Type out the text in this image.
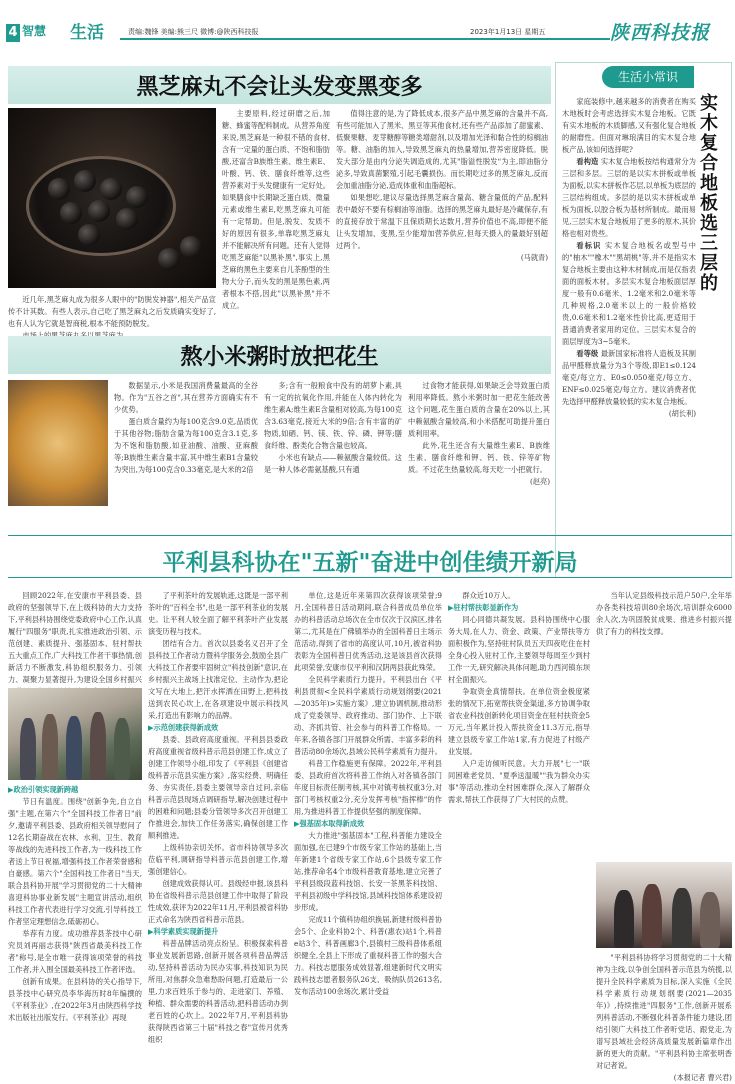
4 智慧 生活	责编:魏锋 美编:熊三尺 微博:@陕西科技报	2023年1月13日 星期五	陕西科技报
黑芝麻丸不会让头发变黑变多

近几年,黑芝麻丸成为很多人眼中的"防脱发神器",相关产品宣传不计其数。有些人表示,自己吃了黑芝麻丸之后发质确实变好了,也有人认为它就是智商税,根本不能预防脱发。

主要原料,经过研磨之后,加糖、蜂蜜等配料制成。从营养角度来说,黑芝麻是一种很不错的食材,含有一定量的蛋白质、不饱和脂肪酸,还富含B族维生素、维生素E、叶酸、钙、铁、膳食纤维等,这些营养素对于头发健康有一定好处。如果膳食中长期缺乏蛋白质、微量元素或维生素E,吃黑芝麻丸可能有一定帮助。但是,脱发、发质不好的原因有很多,单靠吃黑芝麻丸并不能解决所有问题。还有人觉得吃黑芝麻能"以黑补黑",事实上,黑芝麻的黑色主要来自儿茶酚型的生物大分子,而头发的黑是黑色素,两者根本不搭,因此"以黑补黑"并不成立。

值得注意的是,为了降低成本,很多产品中黑芝麻的含量并不高,有些可能加入了黑米、黑豆等其他食材,还有些产品添加了甜蜜素、低聚果糖、麦芽糖醇等糖类增甜剂,以及增加光泽和黏合性的棕榈油等。糖、油脂的加入,导致黑芝麻丸的热量增加,营养密度降低。脱发大部分是由内分泌失调造成的,尤其"脂溢性脱发"为主,即油脂分泌多,导致真菌繁殖,引起毛囊损伤。而长期吃过多的黑芝麻丸,反而会加重油脂分泌,造成体重和血脂超标。

如果想吃,建议尽量选择黑芝麻含量高、糖含量低的产品,配料表中最好不要有棕榈油等油脂。选择的黑芝麻丸最好是冷藏保存,有的直接存放于常温下且保质期长达数月,营养价值也不高,即便不能让头发增加、变黑,至少能增加营养供应,但每天摄入的量最好别超过两个。

(马就青)

生活小常识
实木复合地板选三层的

家庭装修中,越来越多的消费者在购买木地板时会考虑选择实木复合地板。它既有实木地板的木质脚感,又有强化复合地板的耐磨性。但面对琳琅满目的实木复合地板产品,该如何选择呢?

看构造 实木复合地板按结构通常分为三层和多层。三层的是以实木拼板或单板为面板,以实木拼板作芯层,以单板为底层的三层结构组成。多层的是以实木拼板或单板为面板,以胶合板为基材所制成。最而易见,三层实木复合地板用了更多的原木,其价格也相对贵些。

看标识 实木复合地板名或型号中的"柚木""橡木""黑胡桃"等,并不是指实木复合地板主要由这种木材制成,而是仅指表面的面板木材。多层实木复合地板面层厚度一般有0.6毫米、1.2毫米和2.0毫米等几种规格,2.0毫米以上的一般价格较贵,0.6毫米和1.2毫米性价比高,更适用于普通消费者家用的定位。三层实木复合的面层厚度为3~5毫米。

看等级 最新国家标准将人造板及其制品甲醛释放量分为3个等级,即E1≤0.124毫克/每立方、E0≤0.050毫克/每立方、ENF≤0.025毫克/每立方。建议消费者优先选择甲醛释放量较低的实木复合地板。

(胡长利)

熬小米粥时放把花生

数据显示,小米是我国消费量最高的全谷物。作为"五谷之首",其在营养方面确实有不少优势。

蛋白质含量约为每100克含9.0克,品质优于其他谷物;脂肪含量为每100克含3.1克,多为不饱和脂肪酸,如亚油酸、油酸、亚麻酸等;B族维生素含量丰富,其中维生素B1含量较为突出,为每100克含0.33毫克,是大米的2倍

多;含有一般粮食中没有的胡萝卜素,具有一定的抗氧化作用,并能在人体内转化为维生素A;维生素E含量相对较高,为每100克含3.63毫克,接近大米的9倍;含有丰富的矿物质,如硒、钙、镁、铁、锌、磷、钾等;膳食纤维、酚类化合物含量也较高。

小米也有缺点——赖氨酸含量较低。这是一种人体必需氨基酸,只有通

过食物才能获得,如果缺乏会导致蛋白质利用率降低。熬小米粥时加一把花生能改善这个问题,花生蛋白质的含量在20%以上,其中赖氨酸含量较高,和小米搭配可助提升蛋白质利用率。

此外,花生还含有大量维生素E、B族维生素、膳食纤维和钾、钙、铁、锌等矿物质。不过花生热量较高,每天吃一小把就行。

(赵亮)

平利县科协在"五新"奋进中创佳绩开新局

回顾2022年,在安康市平利县委、县政府的坚强领导下,在上级科协的大力支持下,平利县科协围绕党委政府中心工作,认真履行"四服务"职责,扎实推进政治引领、示范创建、素质提升、强基固本、驻村帮扶五大重点工作,广大科技工作者干事热情,创新活力不断激发,科协组织服务力、引领力、凝聚力显著提升,为建设全国乡村振兴

▶政治引领实现新跨越

节日有温度。围绕"创新争先,自立自强"主题,在第六个"全国科技工作者日"前夕,邀请平利县委、县政府相关领导慰问了12名长期奋战在农林、水利、卫生、教育等战线的先进科技工作者,为一线科技工作者送上节日祝福,增强科技工作者荣誉感和自豪感。第六个"全国科技工作者日"当天,联合县科协开展"学习贯彻党的二十大精神 喜迎科协事业新发展"主题宣讲活动,组织科技工作者代表进行学习交流,引导科技工作者坚定理想信念,砥砺初心。

举荐有力度。成功推荐县茶技中心研究员刘再丽志获得"陕西省最美科技工作者"称号,是全市唯一获得该项荣誉的科技工作者,并入围全国最美科技工作者评选。

创新有成果。在县科协的关心指导下,县茶技中心研究员李华海历时8年编撰的《平利茶业》,在2022年3月由陕西科学技术出版社出版发行。《平利茶业》再现

了平利茶叶的发展轨迹,这既是一部平利茶叶的"百科全书",也是一部平利茶业的发展史。让平利人较全面了解平利茶叶产业发展演变历程与技术。

团结有合力。首次以县委名义召开了全县科技工作者动力暨科学服务会,鼓励全县广大科技工作者要牢固树立"科技创新"意识,在乡村振兴主战场上找准定位、主动作为,把论文写在大地上,把汗水挥洒在田野上,把科技送到农民心坎上,在各项建设中展示科技风采,打造出有影响力的品牌。

▶示范创建获得新成效

县委、县政府高度重视。平利县县委政府高度重视省级科普示范县创建工作,成立了创建工作领导小组,印发了《平利县《创建省级科普示范县实施方案》,落实经费、明确任务、夯实责任,县委主要领导亲自过问,亲临科普示范县现场点调研指导,解决创建过程中的困难和问题;县委分管领导多次召开创建工作推进会,加快工作任务落实,确保创建工作顺利推进。

上级科协亲切关怀。省市科协领导多次莅临平利,调研指导科普示范县创建工作,增强创建信心。

创建成效获得认可。县级经申报,该县科协在省级科普示范县创建工作中取得了阶段性成效,获评为2022年11月,平利县被省科协正式命名为陕西省科普示范县。

▶科学素质实现新提升

科普品牌活动亮点纷呈。积极探索科普事业发展新思路,创新开展各项科普品牌活动,坚持科普活动为民办实事,科技知识为民所用,对焦群众急难愁盼问题,打造最后一公里,力求百姓乐于参与的、走进家门、养殖、种植、群众需要的科普活动,把科普活动办到老百姓的心坎上。2022年7月,平利县科协获得陕西省第三十届"科技之春"宣传月优秀组织

单位,这是近年来第四次获得该项荣誉;9月,全国科普日活动期间,联合科普成员单位举办的科普活动总场次在全市仅次于汉滨区,排名第二,尤其是在广佛镇举办的全国科普日主场示范活动,得到了省市的高度认可,10月,被省科协表彰为全国科普日优秀活动,这是该县首次获得此项荣誉,安康市仅平利和汉阴两县获此殊荣。

全民科学素质行力提升。平利县出台《平利县贯彻<全民科学素质行动规划纲要(2021—2035年)>实施方案》,建立协调机制,推动形成了党委领导、政府推动、部门协作、上下联动、齐抓共管、社会参与的科普工作格局。一年来,各镇各部门开展群众所需、丰富多彩的科普活动80余场次,县域公民科学素质有力提升。

科普工作稳施更有保障。2022年,平利县委、县政府首次将科普工作纳入对各镇各部门年度目标责任制考核,其中对镇考核权重3分,对部门考核权重2分,充分发挥考核"指挥棒"的作用,为推进科普工作提供坚强的制度保障。

▶强基固本取得新成效

大力推进"强基固本"工程,科普能力建设全面加强,在已建9个市级专家工作站的基础上,当年新建1个省级专家工作站,6个县级专家工作站,推荐命名4个市级科普教育基地,建立完善了平利县级段蓝科技馆、长安一茶黑茶科技馆、平利县初级中学科技馆,县域科技馆体系建设初步形成。

完成11个镇科协组织换届,新建村级科普协会5个、企业科协2个、科普(惠农)站1个,科普e站3个、科普画廊3个,县镇村三级科普体系组织健全,全县上下形成了重视科普工作的强大合力。科技志愿服务成效显著,组建新时代文明实践科技志愿者服务队26支、吸纳队员2613名,发布活动100余场次,累计受益

群众近10万人。

▶驻村帮扶彰显新作为

同心同德共凝发展。县科协围绕中心服务大局,在人力、资金、政策、产业帮扶等方面积极作为,坚持驻村队员五天四夜吃住在村全身心投入驻村工作,主要领导每周至少到村工作一天,研究解决具体问题,助力西河镇东坝村全面振兴。

争取资金真情帮扶。在单位资金极度紧张的情况下,拓宽帮扶资金渠道,多方协调争取省农业科技创新转化项目资金在驻村扶资金5万元,当年累计投入帮扶资金11.3万元,指导建立县级专家工作站1家,有力促进了村级产业发展。

入户走访倾听民意。大力开展"七一"联同困难老党员、"夏季送温暖""我为群众办实事"等活动,推动全村困难群众,深入了解群众需求,帮扶工作获得了广大村民的点赞。

当年认定县级科技示范户50户,全年举办各类科技培训80余场次,培训群众6000余人次,为巩固脱贫成果、推进乡村振兴提供了有力的科技支撑。

"平利县科协将学习贯彻党的二十大精神为主线,以争创全国科普示范县为统揽,以提升全民科学素质为目标,深入实施《全民科学素质行动规划纲要(2021—2035年)》,持续推进"四服务"工作,创新开展系列科普活动,不断强化科普条件能力建设,团结引领广大科技工作者听党话、跟党走,为谱写县域社会经济高质量发展新篇章作出新的更大的贡献。"平利县科协主席张明香对记者说。

(本报记者 曹兴君)
